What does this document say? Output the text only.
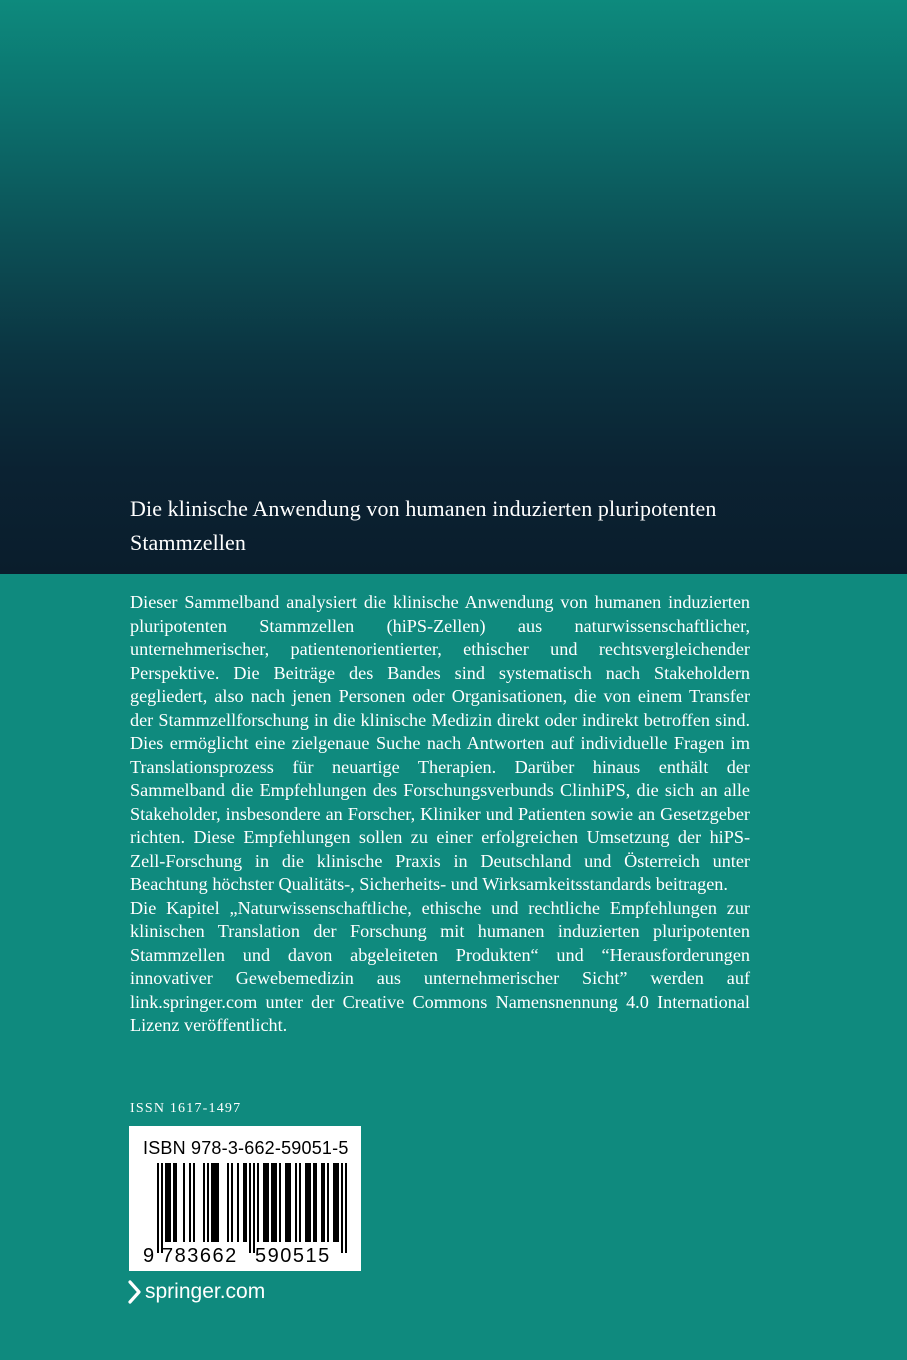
Die klinische Anwendung von humanen induzierten pluripotenten Stammzellen

Dieser Sammelband analysiert die klinische Anwendung von humanen induzierten pluripotenten Stammzellen (hiPS-Zellen) aus naturwissenschaftlicher, unternehmerischer, patientenorientierter, ethischer und rechtsvergleichender Perspektive. Die Beiträge des Bandes sind systematisch nach Stakeholdern gegliedert, also nach jenen Personen oder Organisationen, die von einem Transfer der Stammzellforschung in die klinische Medizin direkt oder indirekt betroffen sind. Dies ermöglicht eine zielgenaue Suche nach Antworten auf individuelle Fragen im Translationsprozess für neuartige Therapien. Darüber hinaus enthält der Sammelband die Empfehlungen des Forschungsverbunds ClinhiPS, die sich an alle Stakeholder, insbesondere an Forscher, Kliniker und Patienten sowie an Gesetzgeber richten. Diese Empfehlungen sollen zu einer erfolgreichen Umsetzung der hiPS-Zell-Forschung in die klinische Praxis in Deutschland und Österreich unter Beachtung höchster Qualitäts-, Sicherheits- und Wirksamkeitsstandards beitragen.

Die Kapitel „Naturwissenschaftliche, ethische und rechtliche Empfehlungen zur klinischen Translation der Forschung mit humanen induzierten pluripotenten Stammzellen und davon abgeleiteten Produkten“ und “Herausforderungen innovativer Gewebemedizin aus unternehmerischer Sicht” werden auf link.springer.com unter der Creative Commons Namensnennung 4.0 International Lizenz veröffentlicht.

ISSN 1617-1497
ISBN 978-3-662-59051-5
9 783662 590515
springer.com
